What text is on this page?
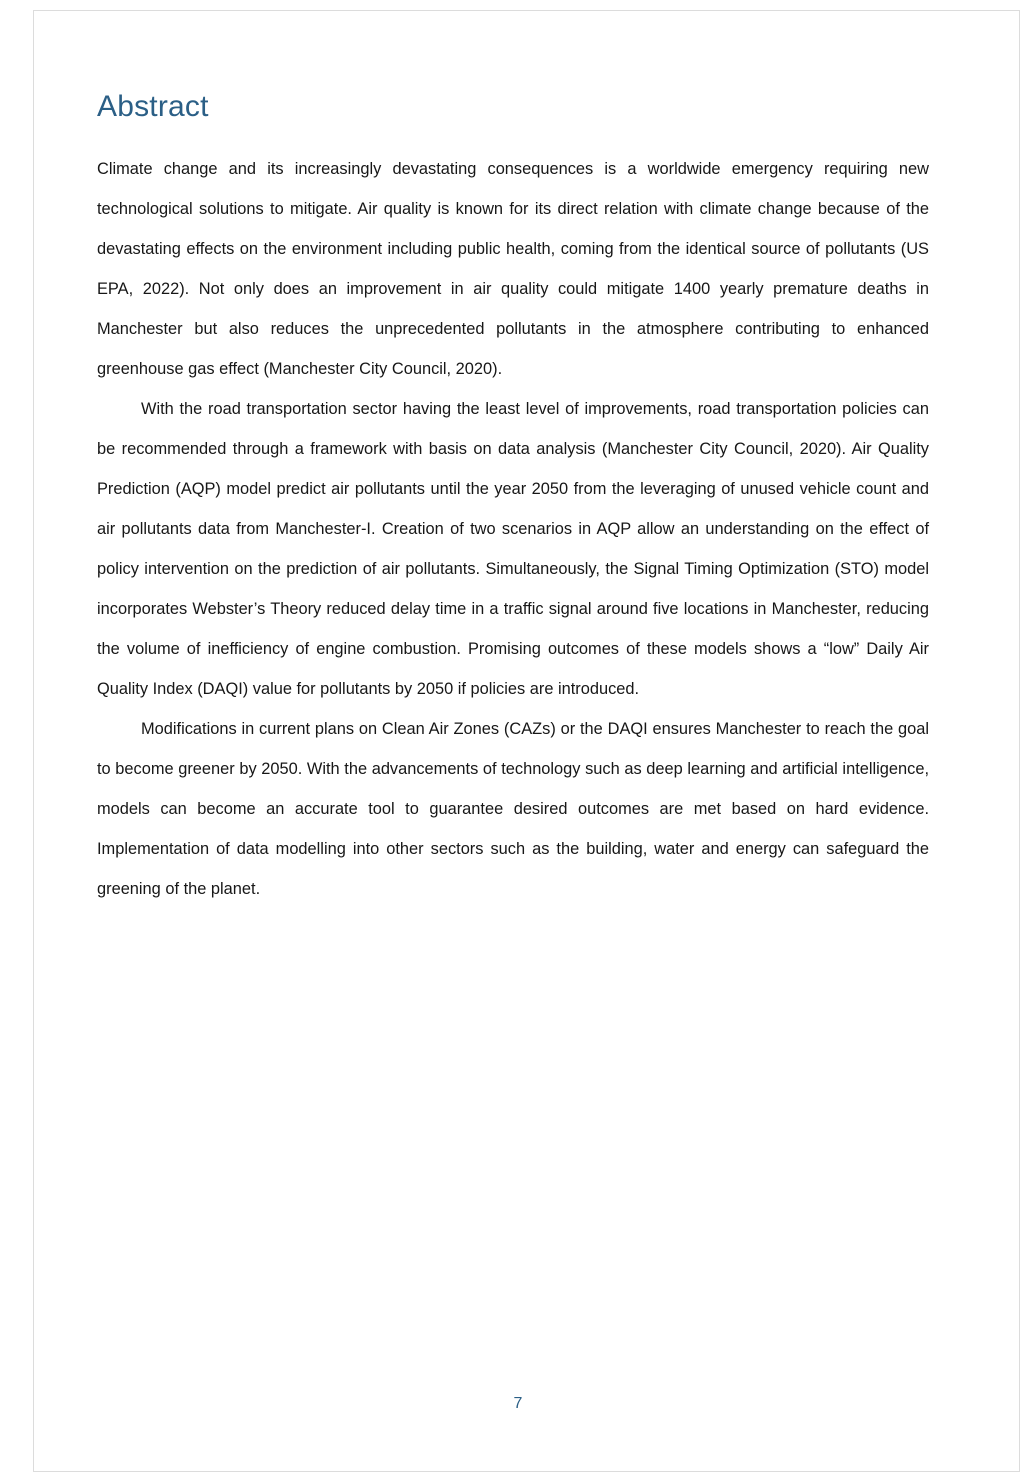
Abstract

Climate change and its increasingly devastating consequences is a worldwide emergency requiring new technological solutions to mitigate. Air quality is known for its direct relation with climate change because of the devastating effects on the environment including public health, coming from the identical source of pollutants (US EPA, 2022). Not only does an improvement in air quality could mitigate 1400 yearly premature deaths in Manchester but also reduces the unprecedented pollutants in the atmosphere contributing to enhanced greenhouse gas effect (Manchester City Council, 2020).

With the road transportation sector having the least level of improvements, road transportation policies can be recommended through a framework with basis on data analysis (Manchester City Council, 2020). Air Quality Prediction (AQP) model predict air pollutants until the year 2050 from the leveraging of unused vehicle count and air pollutants data from Manchester-I. Creation of two scenarios in AQP allow an understanding on the effect of policy intervention on the prediction of air pollutants. Simultaneously, the Signal Timing Optimization (STO) model incorporates Webster’s Theory reduced delay time in a traffic signal around five locations in Manchester, reducing the volume of inefficiency of engine combustion. Promising outcomes of these models shows a “low” Daily Air Quality Index (DAQI) value for pollutants by 2050 if policies are introduced.

Modifications in current plans on Clean Air Zones (CAZs) or the DAQI ensures Manchester to reach the goal to become greener by 2050. With the advancements of technology such as deep learning and artificial intelligence, models can become an accurate tool to guarantee desired outcomes are met based on hard evidence. Implementation of data modelling into other sectors such as the building, water and energy can safeguard the greening of the planet.

7
